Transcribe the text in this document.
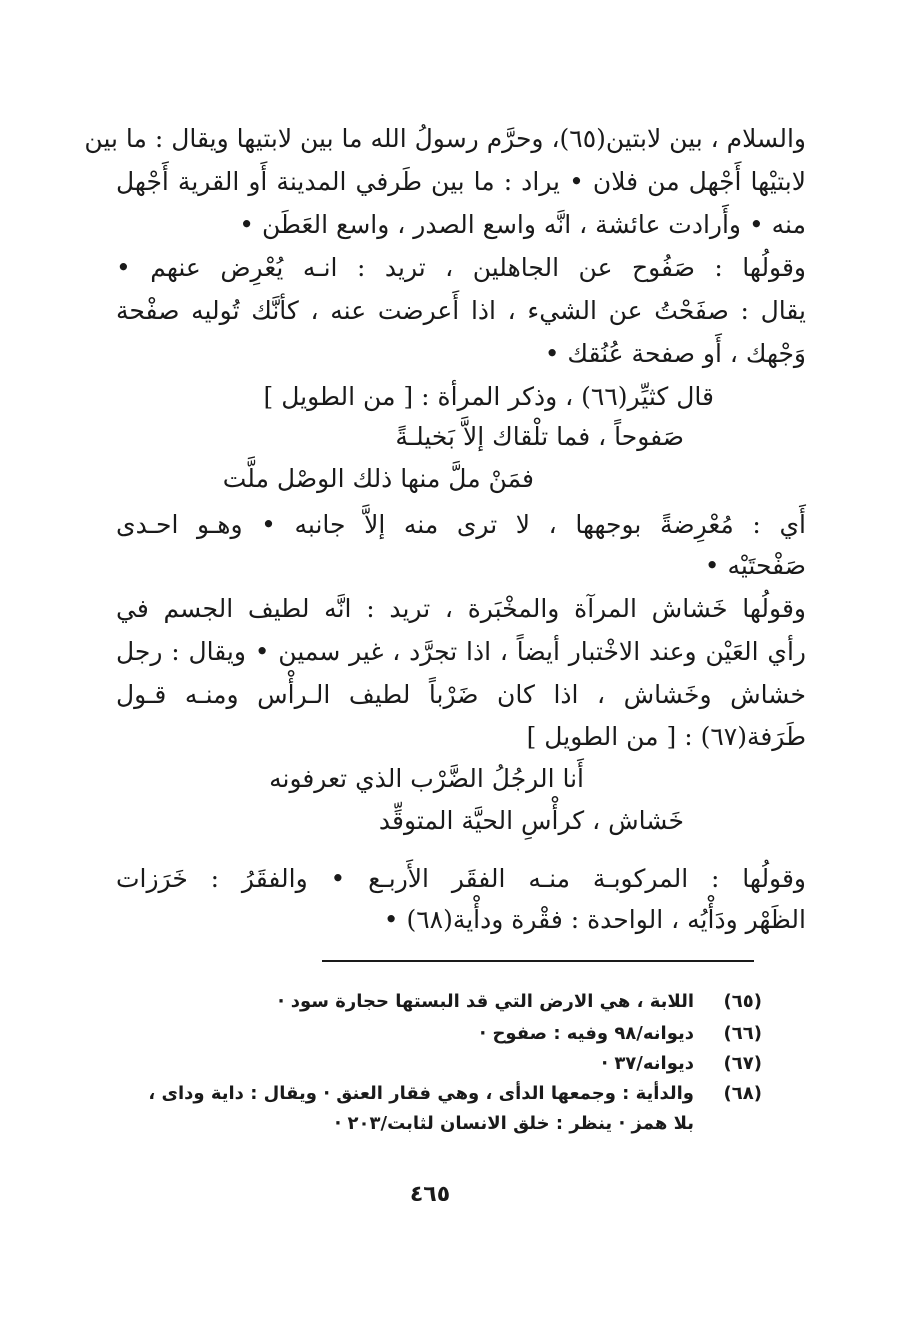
والسلام ، بين لابتين(٦٥)، وحرَّم رسولُ الله ما بين لابتيها ويقال : ما بين
لابتيْها أَجْهل من فلان • يراد : ما بين طَرفي المدينة أَو القرية أَجْهل
منه • وأَرادت عائشة ، انَّه واسع الصدر ، واسع العَطَن •
وقولُها : صَفُوح عن الجاهلين ، تريد : انـه يُعْرِض عنهم •
يقال : صفَحْتُ عن الشيء ، اذا أَعرضت عنه ، كأنَّك تُوليه صفْحة
وَجْهك ، أَو صفحة عُنُقك •
قال كثيِّر(٦٦) ، وذكر المرأة : [ من الطويل ]
صَفوحاً ، فما تلْقاك إلاَّ بَخيلـةً
فمَنْ ملَّ منها ذلك الوصْل ملَّت
أَي : مُعْرِضةً بوجهها ، لا ترى منه إلاَّ جانبه • وهـو احـدى
صَفْحتَيْه •
وقولُها خَشاش المرآة والمخْبَرة ، تريد : انَّه لطيف الجسم في
رأي العَيْن وعند الاخْتبار أيضاً ، اذا تجرَّد ، غير سمين • ويقال : رجل
خشاش وخَشاش ، اذا كان ضَرْباً لطيف الـرأْس ومنـه قـول
طَرَفة(٦٧) : [ من الطويل ]
أَنا الرجُلُ الضَّرْب الذي تعرفونه
خَشاش ، كرأْسِ الحيَّة المتوقِّد
وقولُها : المركوبـة منـه الفقَر الأَربـع • والفقَرُ : خَرَزات
الظَهْر ودَأْيُه ، الواحدة : فقْرة ودأْية(٦٨) •
(٦٥)
اللابة ، هي الارض التي قد البستها حجارة سود ·
(٦٦)
ديوانه/٩٨ وفيه : صفوح ·
(٦٧)
ديوانه/٣٧ ·
(٦٨)
والدأية : وجمعها الدأى ، وهي فقار العنق · ويقال : داية وداى ،
بلا همز · ينظر : خلق الانسان لثابت/٢٠٣ ·
٤٦٥
